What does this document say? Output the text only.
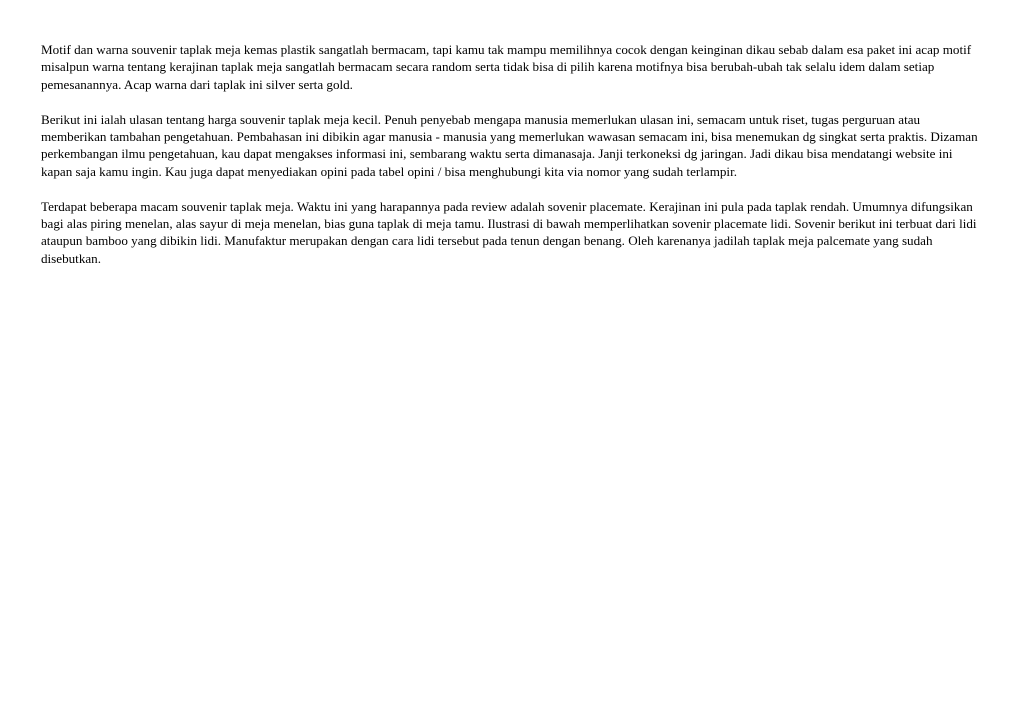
Motif dan warna souvenir taplak meja kemas plastik sangatlah bermacam, tapi kamu tak mampu memilihnya cocok dengan keinginan dikau sebab dalam esa paket ini acap motif misalpun warna tentang kerajinan taplak meja sangatlah bermacam secara random serta tidak bisa di pilih karena motifnya bisa berubah-ubah tak selalu idem dalam setiap pemesanannya. Acap warna dari taplak ini silver serta gold.

Berikut ini ialah ulasan tentang harga souvenir taplak meja kecil. Penuh penyebab mengapa manusia memerlukan ulasan ini, semacam untuk riset, tugas perguruan atau memberikan tambahan pengetahuan. Pembahasan ini dibikin agar manusia - manusia yang memerlukan wawasan semacam ini, bisa menemukan dg singkat serta praktis. Dizaman perkembangan ilmu pengetahuan, kau dapat mengakses informasi ini, sembarang waktu serta dimanasaja. Janji terkoneksi dg jaringan. Jadi dikau bisa mendatangi website ini kapan saja kamu ingin. Kau juga dapat menyediakan opini pada tabel opini / bisa menghubungi kita via nomor yang sudah terlampir.

Terdapat beberapa macam souvenir taplak meja. Waktu ini yang harapannya pada review adalah sovenir placemate. Kerajinan ini pula pada taplak rendah. Umumnya difungsikan bagi alas piring menelan, alas sayur di meja menelan, bias guna taplak di meja tamu. Ilustrasi di bawah memperlihatkan sovenir placemate lidi. Sovenir berikut ini terbuat dari lidi ataupun bamboo yang dibikin lidi. Manufaktur merupakan dengan cara lidi tersebut pada tenun dengan benang. Oleh karenanya jadilah taplak meja palcemate yang sudah disebutkan.
